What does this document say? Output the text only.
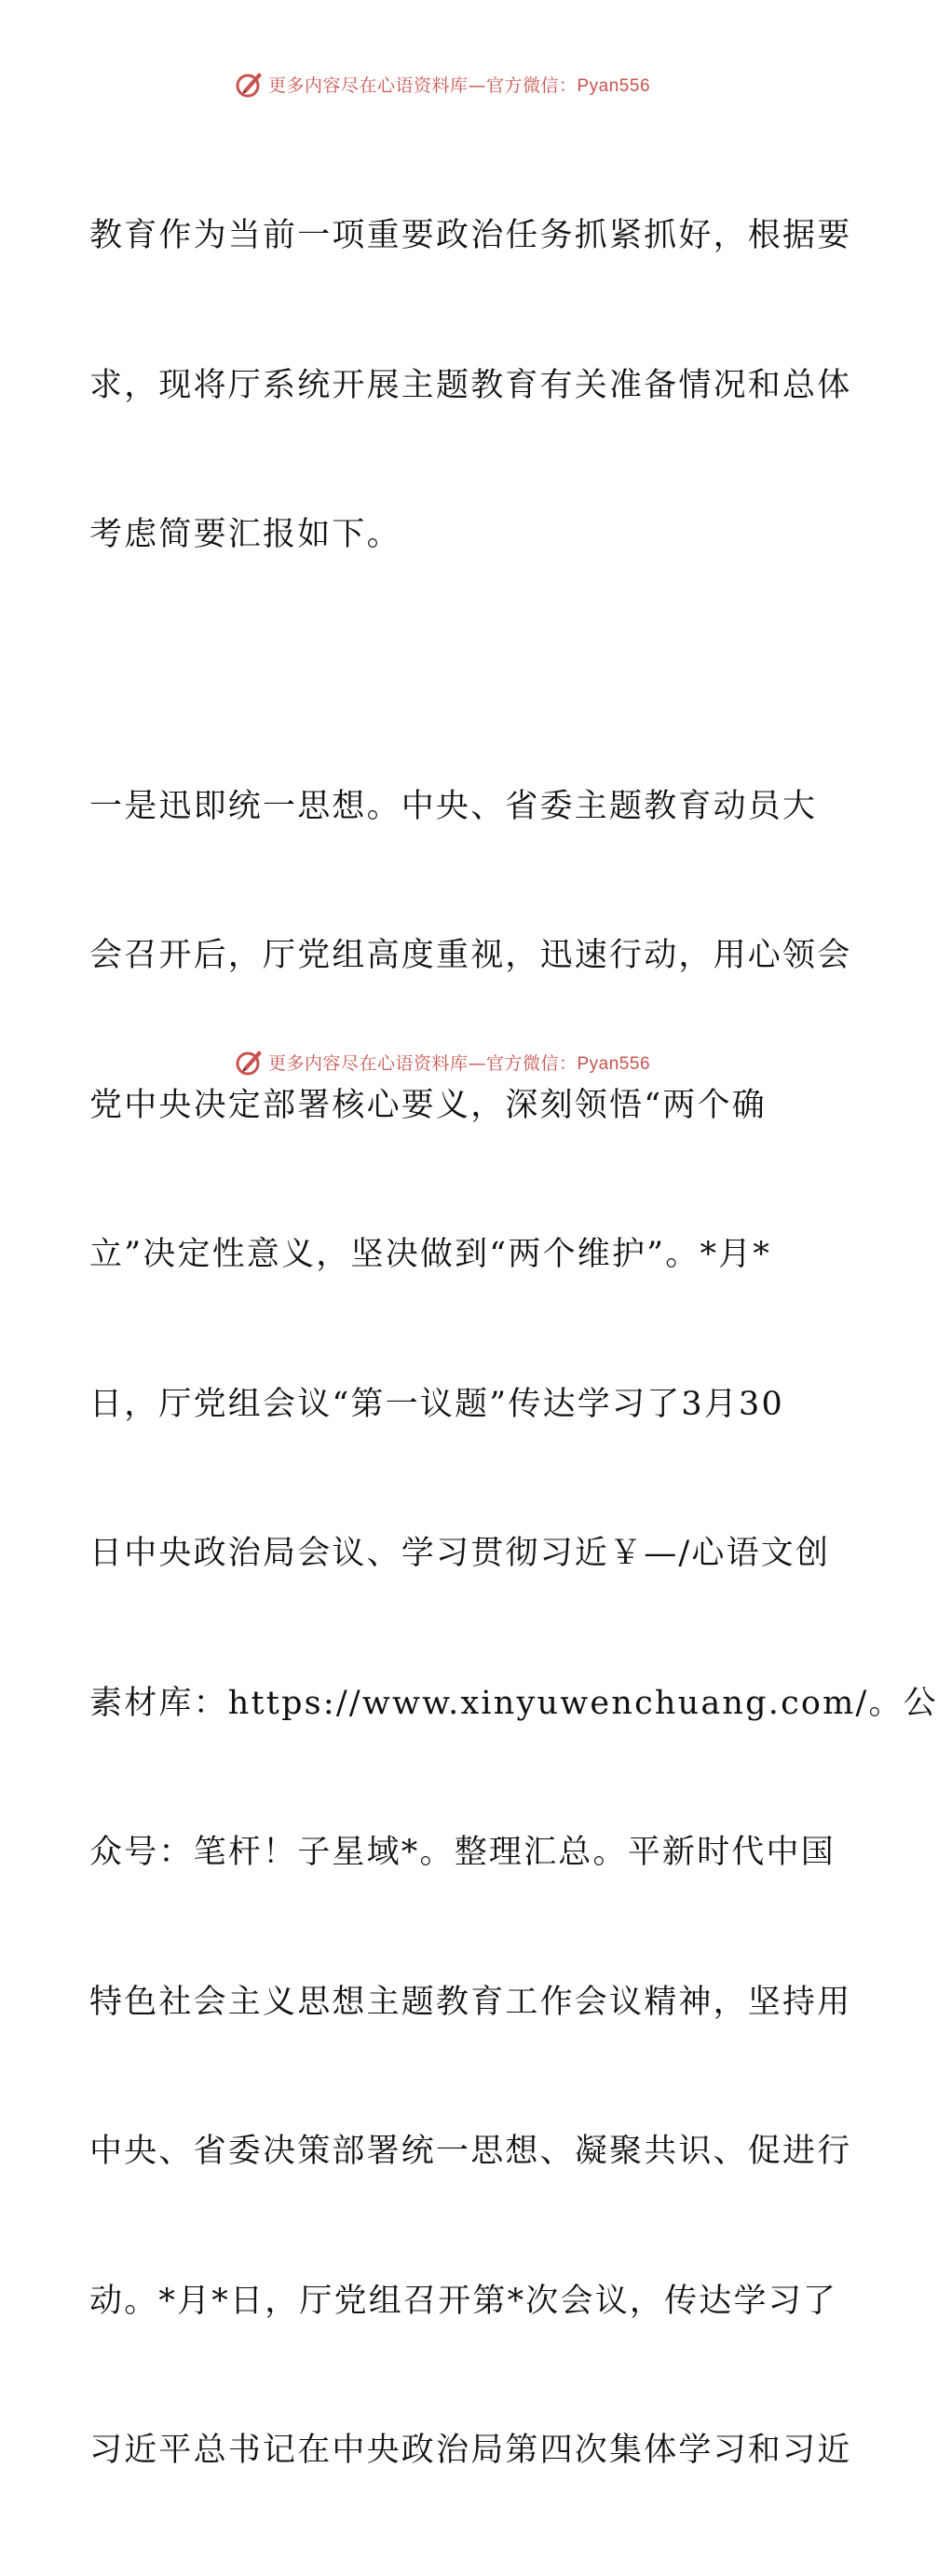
更多内容尽在心语资料库—官方微信：Pyan556

教育作为当前一项重要政治任务抓紧抓好，根据要

求，现将厅系统开展主题教育有关准备情况和总体

考虑简要汇报如下。

一是迅即统一思想。中央、省委主题教育动员大

会召开后，厅党组高度重视，迅速行动，用心领会

党中央决定部署核心要义，深刻领悟“两个确

立”决定性意义，坚决做到“两个维护”。*月*

日，厅党组会议“第一议题”传达学习了3月30

日中央政治局会议、学习贯彻习近￥—/心语文创

素材库：https://www.xinyuwenchuang.com/。公

众号：笔杆！子星域*。整理汇总。平新时代中国

特色社会主义思想主题教育工作会议精神，坚持用

中央、省委决策部署统一思想、凝聚共识、促进行

动。*月*日，厅党组召开第*次会议，传达学习了

习近平总书记在中央政治局第四次集体学习和习近

更多内容尽在心语资料库—官方微信：Pyan556
